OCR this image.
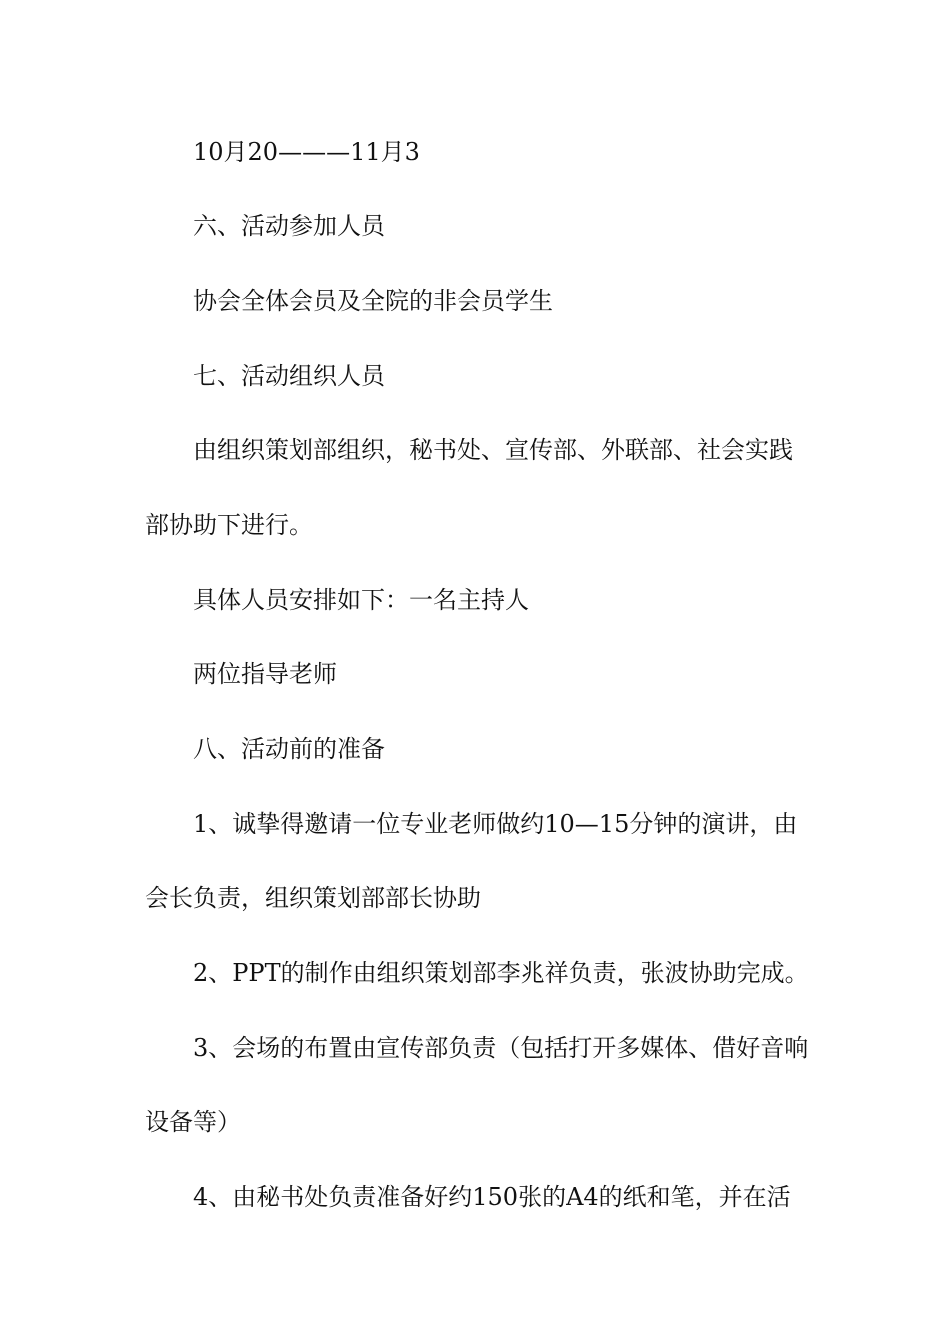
10月20———11月3
六、活动参加人员
协会全体会员及全院的非会员学生
七、活动组织人员
由组织策划部组织，秘书处、宣传部、外联部、社会实践
部协助下进行。
具体人员安排如下：一名主持人
两位指导老师
八、活动前的准备
1、诚挚得邀请一位专业老师做约10—15分钟的演讲，由
会长负责，组织策划部部长协助
2、PPT的制作由组织策划部李兆祥负责，张波协助完成。
3、会场的布置由宣传部负责（包括打开多媒体、借好音响
设备等）
4、由秘书处负责准备好约150张的A4的纸和笔，并在活
